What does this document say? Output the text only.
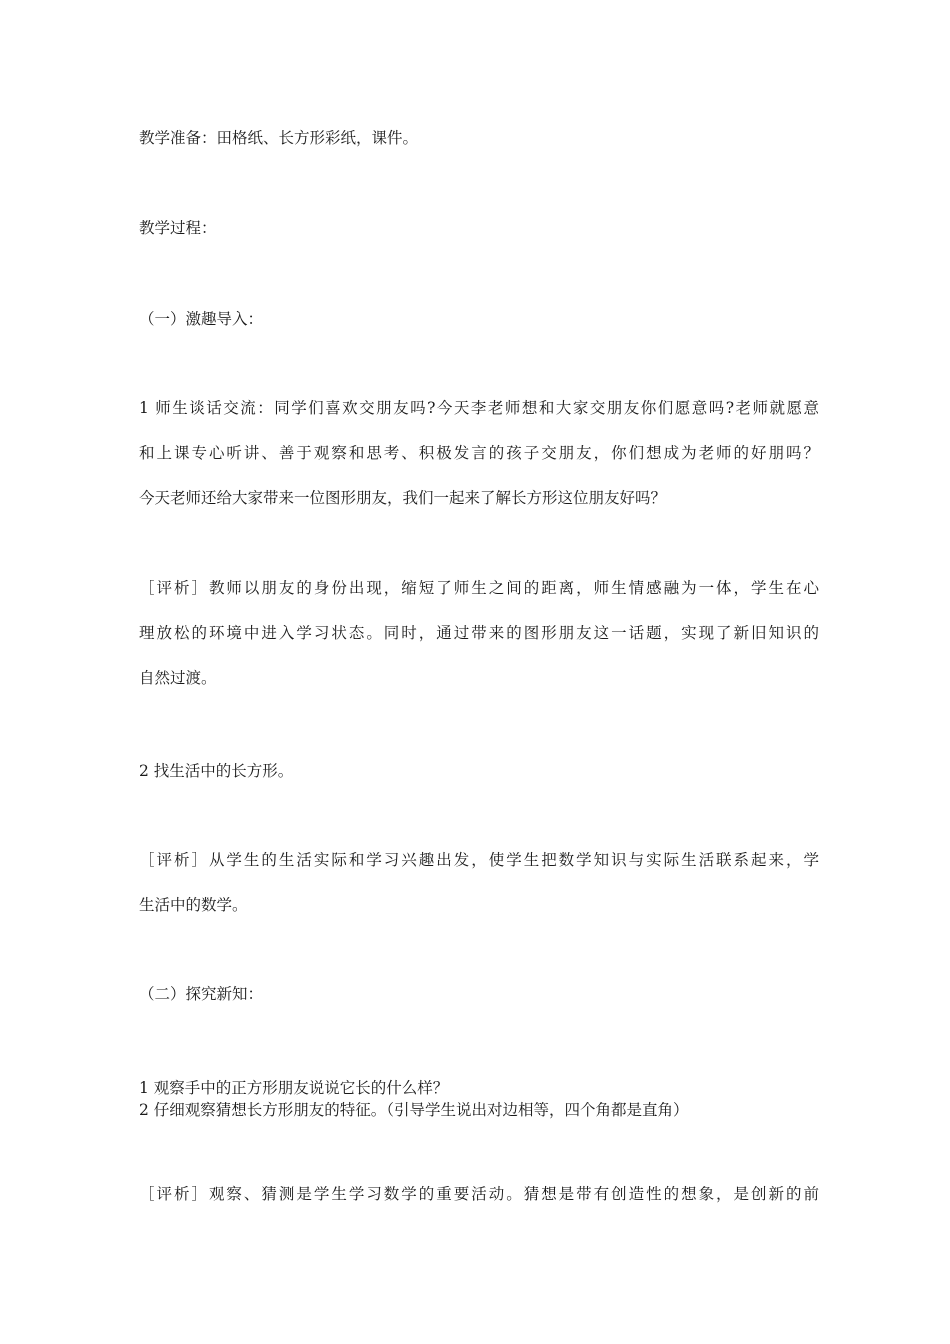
教学准备：田格纸、长方形彩纸，课件。

教学过程：

（一）激趣导入：

1 师生谈话交流：同学们喜欢交朋友吗?今天李老师想和大家交朋友你们愿意吗?老师就愿意
和上课专心听讲、善于观察和思考、积极发言的孩子交朋友，你们想成为老师的好朋吗？
今天老师还给大家带来一位图形朋友，我们一起来了解长方形这位朋友好吗？
［评析］教师以朋友的身份出现，缩短了师生之间的距离，师生情感融为一体，学生在心
理放松的环境中进入学习状态。同时，通过带来的图形朋友这一话题，实现了新旧知识的
自然过渡。

2 找生活中的长方形。

［评析］从学生的生活实际和学习兴趣出发，使学生把数学知识与实际生活联系起来，学
生活中的数学。

（二）探究新知：

1 观察手中的正方形朋友说说它长的什么样？
2 仔细观察猜想长方形朋友的特征。（引导学生说出对边相等，四个角都是直角）
［评析］观察、猜测是学生学习数学的重要活动。猜想是带有创造性的想象，是创新的前
